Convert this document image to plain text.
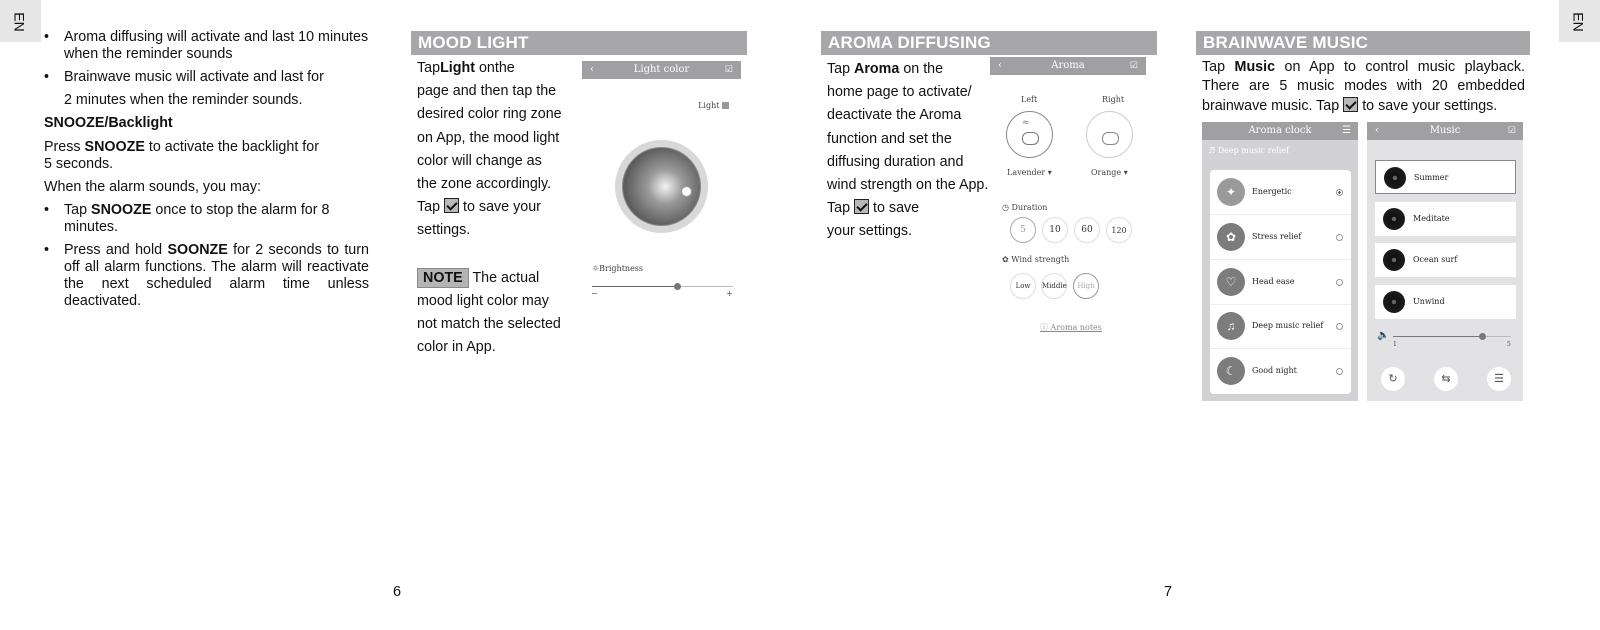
EN	EN
• Aroma diffusing will activate and last 10 minutes when the reminder sounds
• Brainwave music will activate and last for
2 minutes when the reminder sounds.
SNOOZE/Backlight
Press SNOOZE to activate the backlight for
5 seconds.
When the alarm sounds, you may:
• Tap SNOOZE once to stop the alarm for 8 minutes.
• Press and hold SOONZE for 2 seconds to turn off all alarm functions. The alarm will reactivate the next scheduled alarm time unless deactivated.
MOOD LIGHT
TapLight onthe
page and then tap the
desired color ring zone
on App, the mood light
color will change as
the zone accordingly.
Tap to save your
settings.
NOTE The actual
mood light color may
not match the selected
color in App.
‹	Light color	☑
Light
☼Brightness
−	+
AROMA DIFFUSING
Tap Aroma on the
home page to activate/
deactivate the Aroma
function and set the
diffusing duration and
wind strength on the App.
Tap to save
your settings.
‹	Aroma	☑
Left	Right
≈
Lavender ▾	Orange ▾
◷ Duration
5	10	60	120
✿ Wind strength
Low	Middle	High
ⓘ Aroma notes
BRAINWAVE MUSIC
Tap Music on App to control music playback. There are 5 music modes with 20 embedded brainwave music. Tap to save your settings.
Aroma clock	☰
♬ Deep music relief
✦	Energetic
✿	Stress relief
♡	Head ease
♫	Deep music relief
☾	Good night
‹	Music	☑
Summer
Meditate
Ocean surf
Unwind
🔈
1	5
↻	⇆	☰
6	7
